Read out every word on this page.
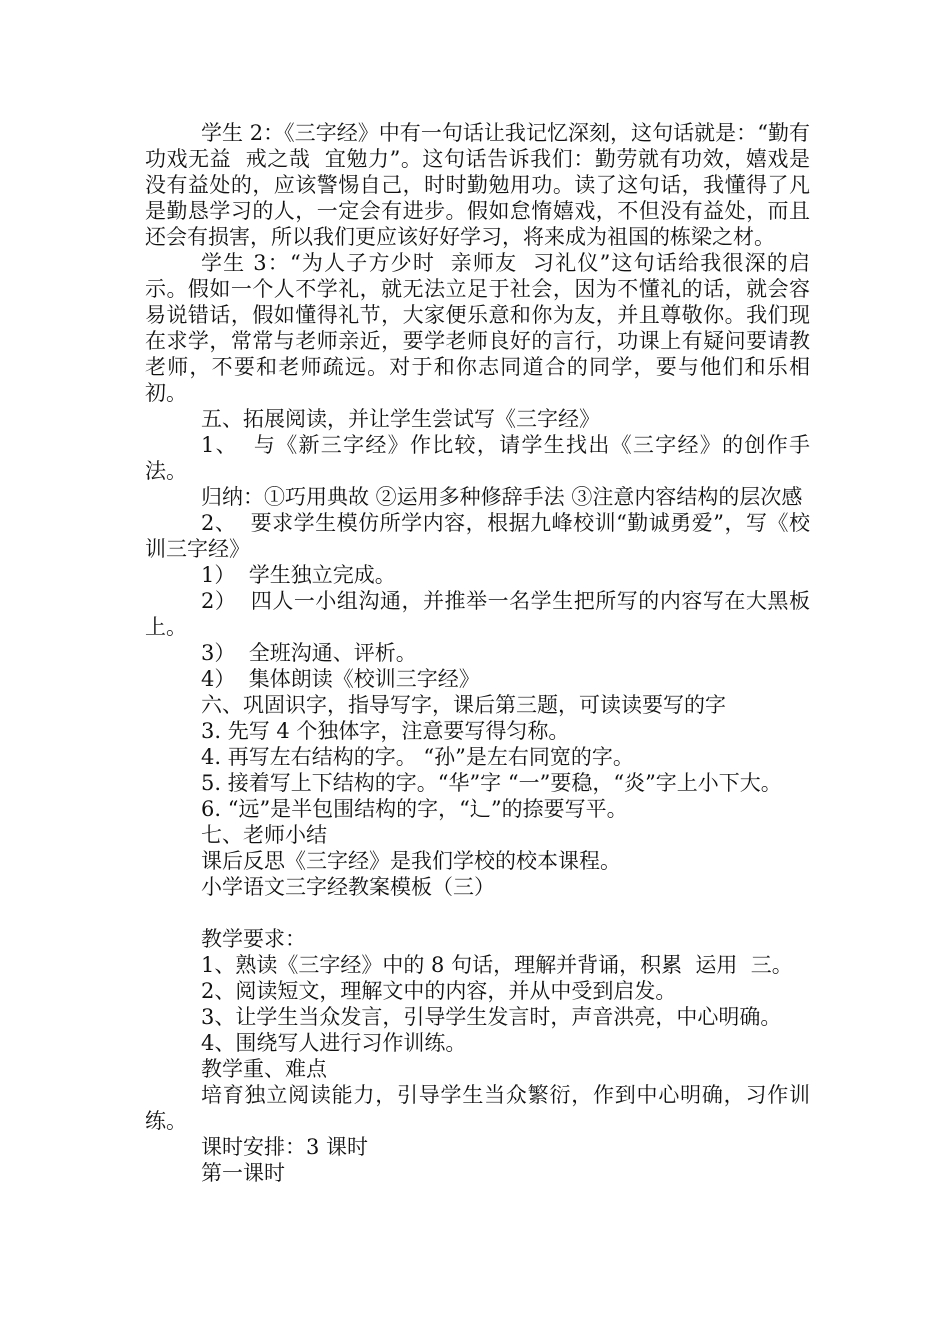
学生 2：《三字经》中有一句话让我记忆深刻，这句话就是：“勤有功戏无益  戒之哉  宜勉力”。这句话告诉我们：勤劳就有功效，嬉戏是没有益处的，应该警惕自己，时时勤勉用功。读了这句话，我懂得了凡是勤恳学习的人，一定会有进步。假如怠惰嬉戏，不但没有益处，而且还会有损害，所以我们更应该好好学习，将来成为祖国的栋梁之材。

学生 3：“为人子方少时  亲师友  习礼仪”这句话给我很深的启示。假如一个人不学礼，就无法立足于社会，因为不懂礼的话，就会容易说错话，假如懂得礼节，大家便乐意和你为友，并且尊敬你。我们现在求学，常常与老师亲近，要学老师良好的言行，功课上有疑问要请教老师，不要和老师疏远。对于和你志同道合的同学，要与他们和乐相初。

五、拓展阅读，并让学生尝试写《三字经》

1、  与《新三字经》作比较，请学生找出《三字经》的创作手法。

归纳：①巧用典故 ②运用多种修辞手法 ③注意内容结构的层次感

2、  要求学生模仿所学内容，根据九峰校训“勤诚勇爱”，写《校训三字经》

1）  学生独立完成。

2）  四人一小组沟通，并推举一名学生把所写的内容写在大黑板上。

3）  全班沟通、评析。

4）  集体朗读《校训三字经》

六、巩固识字，指导写字，课后第三题，可读读要写的字

3. 先写 4 个独体字，注意要写得匀称。

4. 再写左右结构的字。 “孙”是左右同宽的字。

5. 接着写上下结构的字。“华”字 “一”要稳，“炎”字上小下大。

6. “远”是半包围结构的字，“辶”的捺要写平。

七、老师小结

课后反思《三字经》是我们学校的校本课程。

小学语文三字经教案模板（三）

教学要求：

1、熟读《三字经》中的 8 句话，理解并背诵，积累  运用  三。

2、阅读短文，理解文中的内容，并从中受到启发。

3、让学生当众发言，引导学生发言时，声音洪亮，中心明确。

4、围绕写人进行习作训练。

教学重、难点

培育独立阅读能力，引导学生当众繁衍，作到中心明确，习作训练。

课时安排：3 课时

第一课时
